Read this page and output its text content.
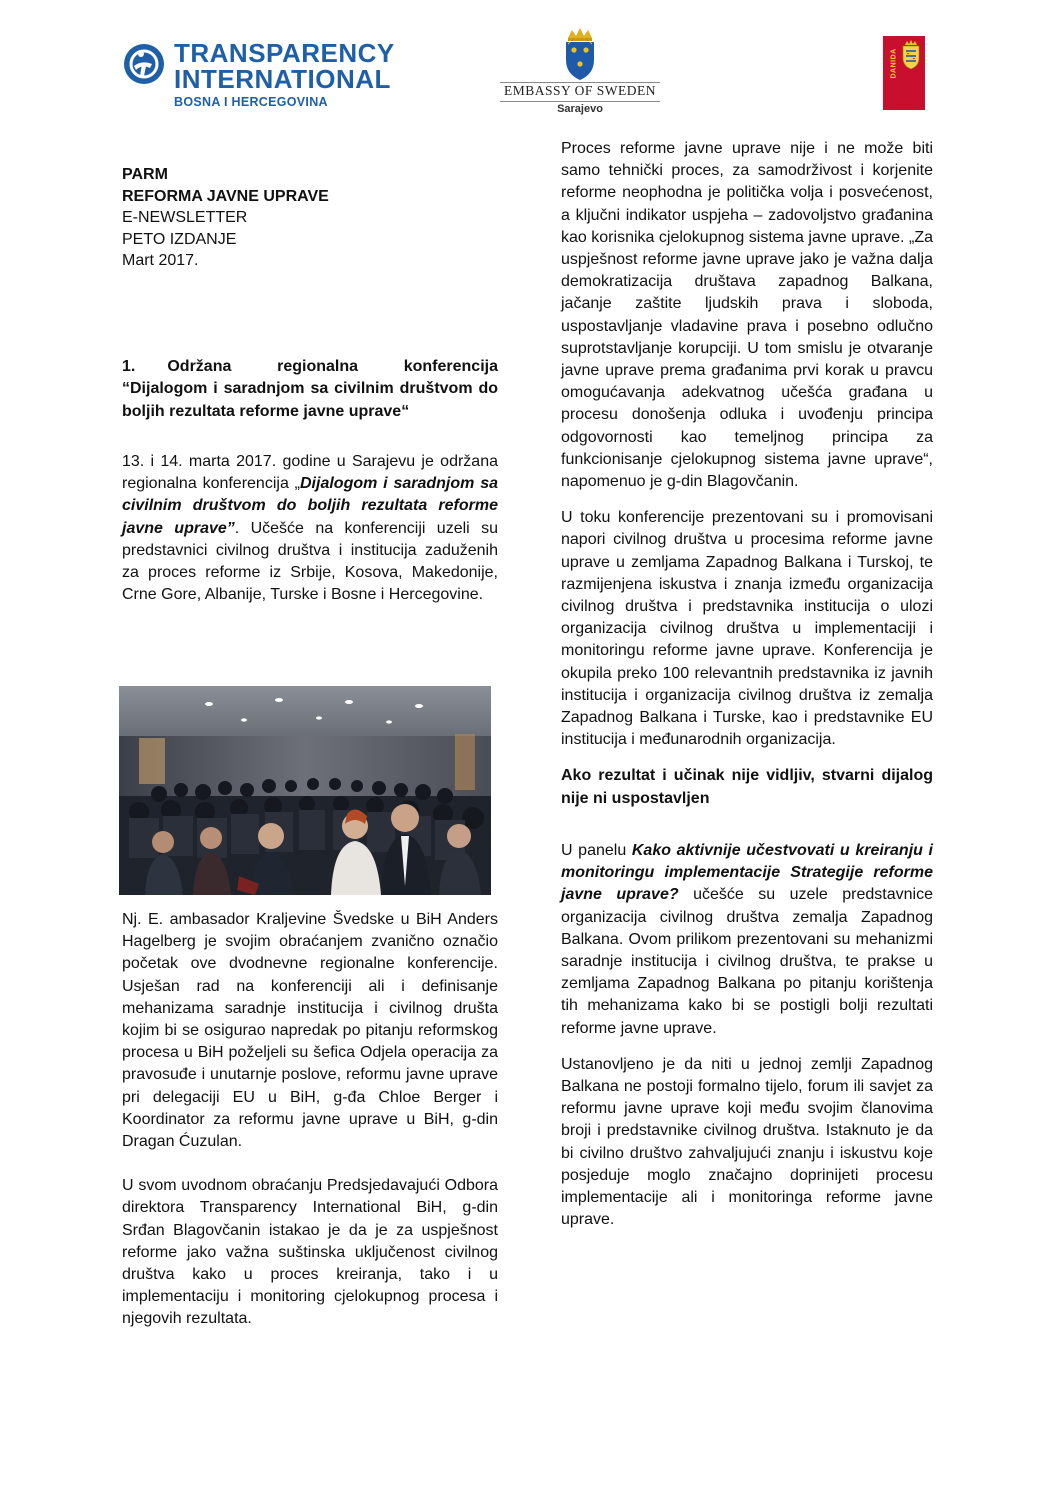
TRANSPARENCY
INTERNATIONAL
BOSNA I HERCEGOVINA
EMBASSY OF SWEDEN
Sarajevo
DANIDA
PARM
REFORMA JAVNE UPRAVE
E-NEWSLETTER
PETO IZDANJE
Mart 2017.

1.  Održana regionalna konferencija “Dijalogom i saradnjom sa civilnim društvom do boljih rezultata reforme javne uprave“

13. i 14. marta 2017. godine u Sarajevu je održana regionalna konferencija „Dijalogom i saradnjom sa civilnim društvom do boljih rezultata reforme javne uprave”. Učešće na konferenciji uzeli su predstavnici civilnog društva i institucija zaduženih za proces reforme iz Srbije, Kosova, Makedonije, Crne Gore, Albanije, Turske i Bosne i Hercegovine.

Nj. E. ambasador Kraljevine Švedske u BiH Anders Hagelberg je svojim obraćanjem zvanično označio početak ove dvodnevne regionalne konferencije. Usješan rad na konferenciji ali i definisanje mehanizama saradnje institucija i civilnog društa kojim bi se osigurao napredak po pitanju reformskog procesa u BiH poželjeli su šefica Odjela operacija za pravosuđe i unutarnje poslove, reformu javne uprave pri delegaciji EU u BiH, g-đa Chloe Berger i Koordinator za reformu javne uprave u BiH, g-din Dragan Ćuzulan.

U svom uvodnom obraćanju Predsjedavajući Odbora direktora Transparency International BiH, g-din Srđan Blagovčanin istakao je da je za uspješnost reforme jako važna suštinska uključenost civilnog društva kako u proces kreiranja, tako i u implementaciju i monitoring cjelokupnog procesa i njegovih rezultata.

Proces reforme javne uprave nije i ne može biti samo tehnički proces, za samodrživost i korjenite reforme neophodna je politička volja i posvećenost, a ključni indikator uspjeha – zadovoljstvo građanina kao korisnika cjelokupnog sistema javne uprave. „Za uspješnost reforme javne uprave jako je važna dalja demokratizacija društava zapadnog Balkana, jačanje zaštite ljudskih prava i sloboda, uspostavljanje vladavine prava i posebno odlučno suprotstavljanje korupciji. U tom smislu je otvaranje javne uprave prema građanima prvi korak u pravcu omogućavanja adekvatnog učešća građana u procesu donošenja odluka i uvođenju principa odgovornosti kao temeljnog principa za funkcionisanje cjelokupnog sistema javne uprave“, napomenuo je g-din Blagovčanin.

U toku konferencije prezentovani su i promovisani napori civilnog društva u procesima reforme javne uprave u zemljama Zapadnog Balkana i Turskoj, te razmijenjena iskustva i znanja između organizacija civilnog društva i predstavnika institucija o ulozi organizacija civilnog društva u implementaciji i monitoringu reforme javne uprave. Konferencija je okupila preko 100 relevantnih predstavnika iz javnih institucija i organizacija civilnog društva iz zemalja Zapadnog Balkana i Turske, kao i predstavnike EU institucija i međunarodnih organizacija.

Ako rezultat i učinak nije vidljiv, stvarni dijalog nije ni uspostavljen

U panelu Kako aktivnije učestvovati u kreiranju i monitoringu implementacije Strategije reforme javne uprave? učešće su uzele predstavnice organizacija civilnog društva zemalja Zapadnog Balkana. Ovom prilikom prezentovani su mehanizmi saradnje institucija i civilnog društva, te prakse u zemljama Zapadnog Balkana po pitanju korištenja tih mehanizama kako bi se postigli bolji rezultati reforme javne uprave.

Ustanovljeno je da niti u jednoj zemlji Zapadnog Balkana ne postoji formalno tijelo, forum ili savjet za reformu javne uprave koji među svojim članovima broji i predstavnike civilnog društva. Istaknuto je da bi civilno društvo zahvaljujući znanju i iskustvu koje posjeduje moglo značajno doprinijeti procesu implementacije ali i monitoringa reforme javne uprave.
